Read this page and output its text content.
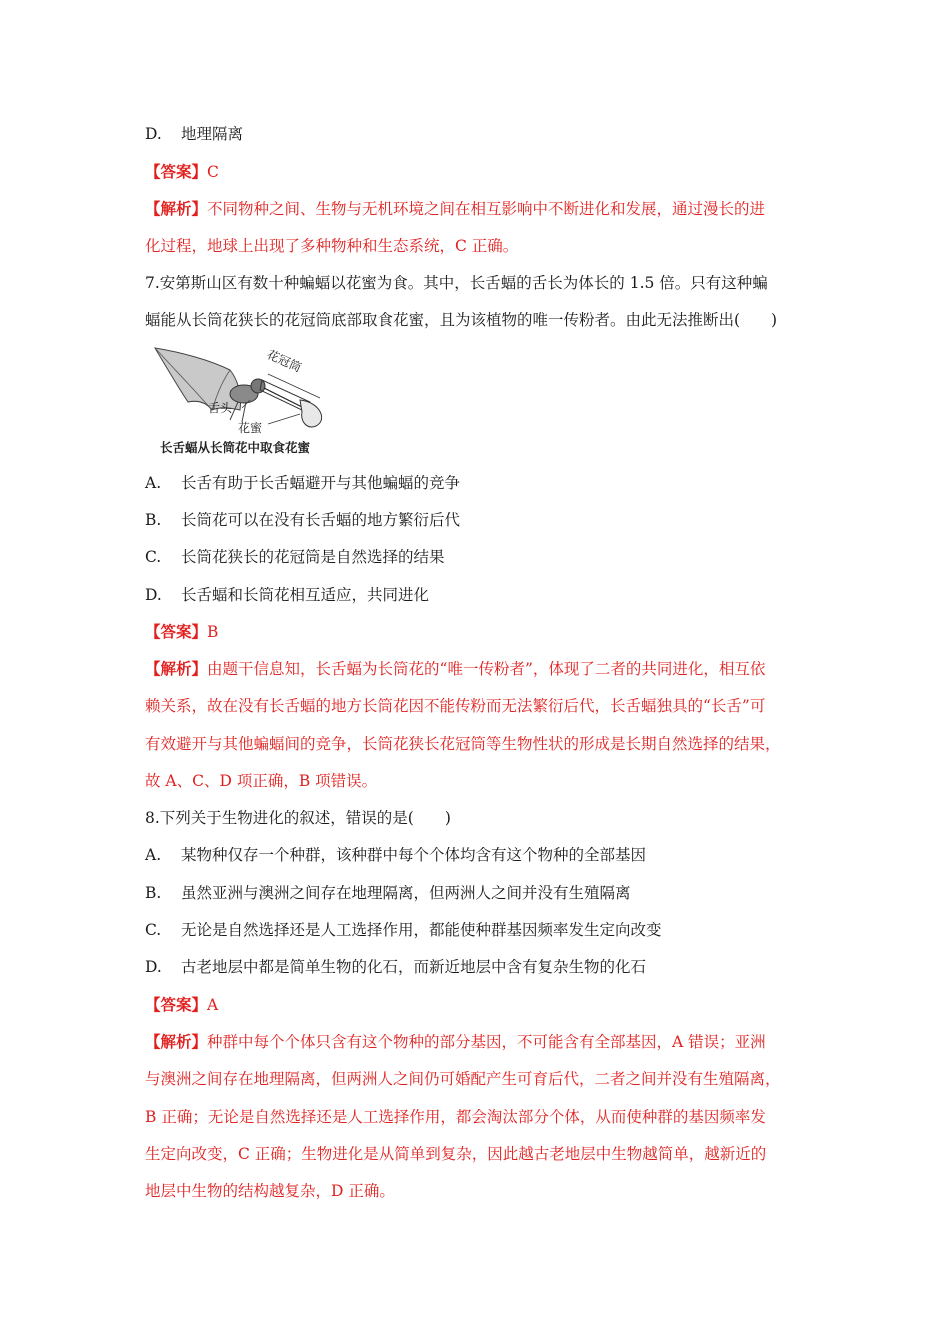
D. 地理隔离
【答案】C
【解析】不同物种之间、生物与无机环境之间在相互影响中不断进化和发展，通过漫长的进
化过程，地球上出现了多种物种和生态系统，C 正确。
7.安第斯山区有数十种蝙蝠以花蜜为食。其中，长舌蝠的舌长为体长的 1.5 倍。只有这种蝙
蝠能从长筒花狭长的花冠筒底部取食花蜜，且为该植物的唯一传粉者。由此无法推断出(　　)
花冠筒
舌头
花蜜
长舌蝠从长筒花中取食花蜜
A. 长舌有助于长舌蝠避开与其他蝙蝠的竞争
B. 长筒花可以在没有长舌蝠的地方繁衍后代
C. 长筒花狭长的花冠筒是自然选择的结果
D. 长舌蝠和长筒花相互适应，共同进化
【答案】B
【解析】由题干信息知，长舌蝠为长筒花的“唯一传粉者”，体现了二者的共同进化，相互依
赖关系，故在没有长舌蝠的地方长筒花因不能传粉而无法繁衍后代，长舌蝠独具的“长舌”可
有效避开与其他蝙蝠间的竞争，长筒花狭长花冠筒等生物性状的形成是长期自然选择的结果，
故 A、C、D 项正确，B 项错误。
8.下列关于生物进化的叙述，错误的是(　　)
A. 某物种仅存一个种群，该种群中每个个体均含有这个物种的全部基因
B. 虽然亚洲与澳洲之间存在地理隔离，但两洲人之间并没有生殖隔离
C. 无论是自然选择还是人工选择作用，都能使种群基因频率发生定向改变
D. 古老地层中都是简单生物的化石，而新近地层中含有复杂生物的化石
【答案】A
【解析】种群中每个个体只含有这个物种的部分基因，不可能含有全部基因，A 错误；亚洲
与澳洲之间存在地理隔离，但两洲人之间仍可婚配产生可育后代，二者之间并没有生殖隔离，
B 正确；无论是自然选择还是人工选择作用，都会淘汰部分个体，从而使种群的基因频率发
生定向改变，C 正确；生物进化是从简单到复杂，因此越古老地层中生物越简单，越新近的
地层中生物的结构越复杂，D 正确。
